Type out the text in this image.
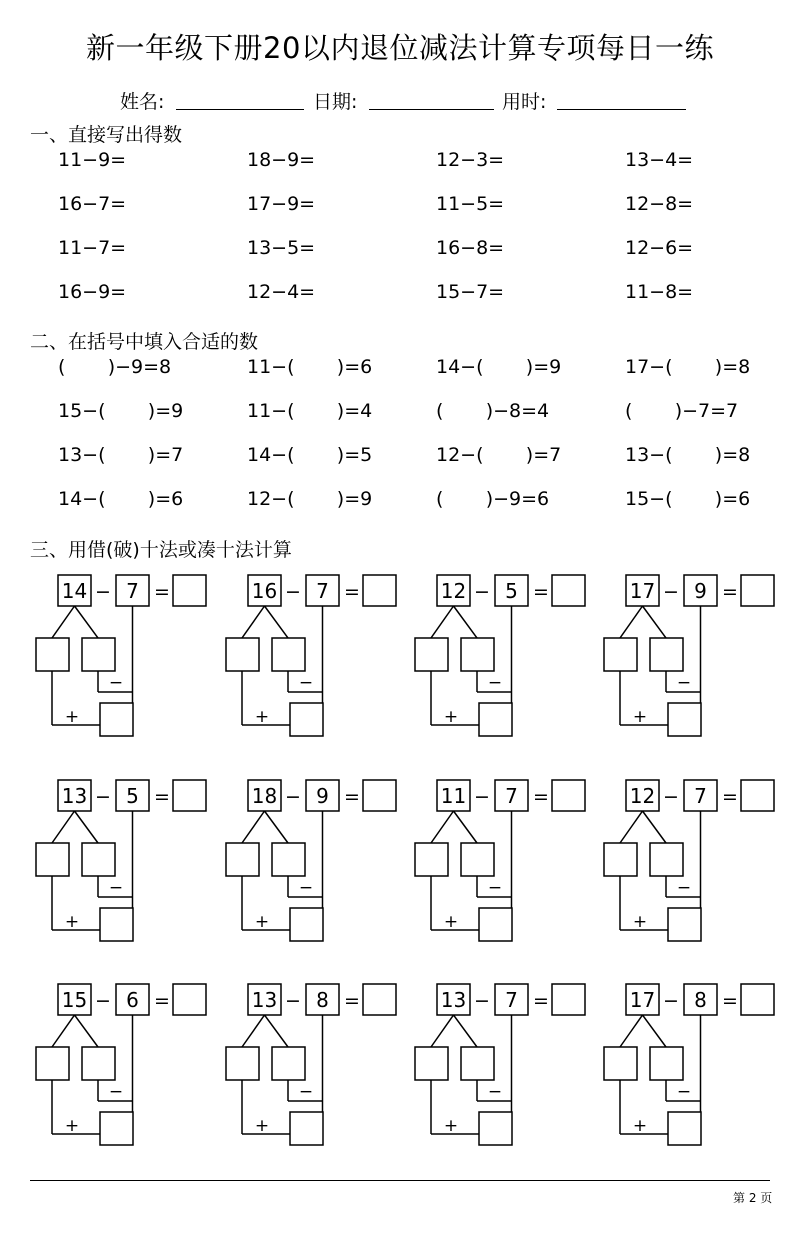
新一年级下册20以内退位减法计算专项每日一练
姓名:	日期:	用时:
一、直接写出得数
11−9=	18−9=	12−3=	13−4=
16−7=	17−9=	11−5=	12−8=
11−7=	13−5=	16−8=	12−6=
16−9=	12−4=	15−7=	11−8=
二、在括号中填入合适的数
(       )−9=8	11−(       )=6	14−(       )=9	17−(       )=8
15−(       )=9	11−(       )=4	(       )−8=4	(       )−7=7
13−(       )=7	14−(       )=5	12−(       )=7	13−(       )=8
14−(       )=6	12−(       )=9	(       )−9=6	15−(       )=6
三、用借(破)十法或凑十法计算
14 − 7 =
−
+
16 − 7 =
−
+
12 − 5 =
−
+
17 − 9 =
−
+
13 − 5 =
−
+
18 − 9 =
−
+
11 − 7 =
−
+
12 − 7 =
−
+
15 − 6 =
−
+
13 − 8 =
−
+
13 − 7 =
−
+
17 − 8 =
−
+
第 2 页
